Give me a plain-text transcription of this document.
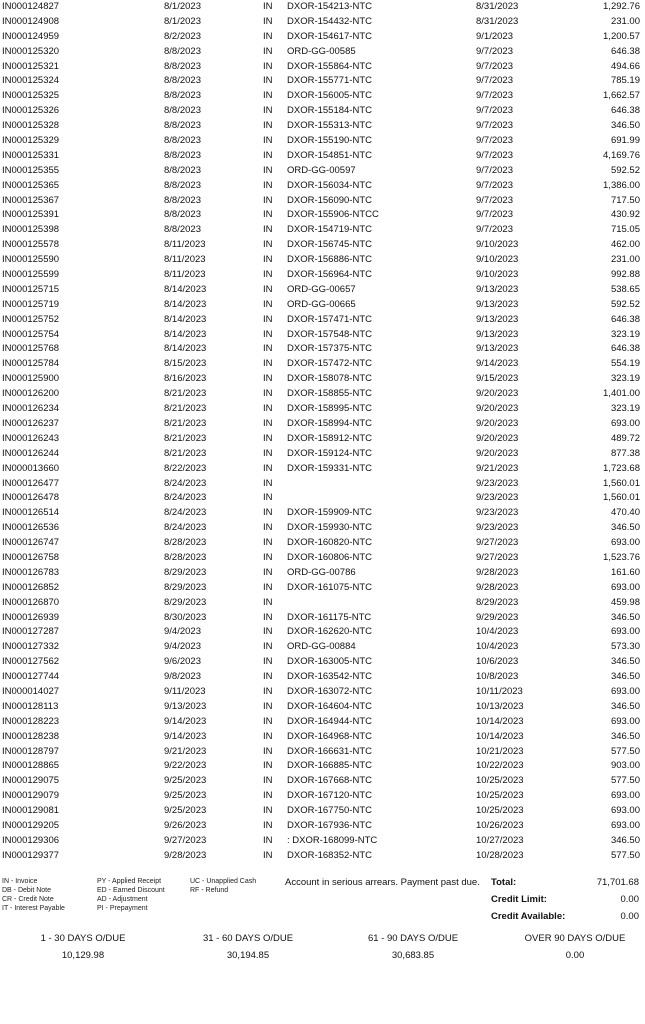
IN000124827	8/1/2023	IN DXOR-154213-NTC	8/31/2023	1,292.76
IN000124908	8/1/2023	IN DXOR-154432-NTC	8/31/2023	231.00
IN000124959	8/2/2023	IN DXOR-154617-NTC	9/1/2023	1,200.57
IN000125320	8/8/2023	IN ORD-GG-00585	9/7/2023	646.38
IN000125321	8/8/2023	IN DXOR-155864-NTC	9/7/2023	494.66
IN000125324	8/8/2023	IN DXOR-155771-NTC	9/7/2023	785.19
IN000125325	8/8/2023	IN DXOR-156005-NTC	9/7/2023	1,662.57
IN000125326	8/8/2023	IN DXOR-155184-NTC	9/7/2023	646.38
IN000125328	8/8/2023	IN DXOR-155313-NTC	9/7/2023	346.50
IN000125329	8/8/2023	IN DXOR-155190-NTC	9/7/2023	691.99
IN000125331	8/8/2023	IN DXOR-154851-NTC	9/7/2023	4,169.76
IN000125355	8/8/2023	IN ORD-GG-00597	9/7/2023	592.52
IN000125365	8/8/2023	IN DXOR-156034-NTC	9/7/2023	1,386.00
IN000125367	8/8/2023	IN DXOR-156090-NTC	9/7/2023	717.50
IN000125391	8/8/2023	IN DXOR-155906-NTCC	9/7/2023	430.92
IN000125398	8/8/2023	IN DXOR-154719-NTC	9/7/2023	715.05
IN000125578	8/11/2023	IN DXOR-156745-NTC	9/10/2023	462.00
IN000125590	8/11/2023	IN DXOR-156886-NTC	9/10/2023	231.00
IN000125599	8/11/2023	IN DXOR-156964-NTC	9/10/2023	992.88
IN000125715	8/14/2023	IN ORD-GG-00657	9/13/2023	538.65
IN000125719	8/14/2023	IN ORD-GG-00665	9/13/2023	592.52
IN000125752	8/14/2023	IN DXOR-157471-NTC	9/13/2023	646.38
IN000125754	8/14/2023	IN DXOR-157548-NTC	9/13/2023	323.19
IN000125768	8/14/2023	IN DXOR-157375-NTC	9/13/2023	646.38
IN000125784	8/15/2023	IN DXOR-157472-NTC	9/14/2023	554.19
IN000125900	8/16/2023	IN DXOR-158078-NTC	9/15/2023	323.19
IN000126200	8/21/2023	IN DXOR-158855-NTC	9/20/2023	1,401.00
IN000126234	8/21/2023	IN DXOR-158995-NTC	9/20/2023	323.19
IN000126237	8/21/2023	IN DXOR-158994-NTC	9/20/2023	693.00
IN000126243	8/21/2023	IN DXOR-158912-NTC	9/20/2023	489.72
IN000126244	8/21/2023	IN DXOR-159124-NTC	9/20/2023	877.38
IN000013660	8/22/2023	IN DXOR-159331-NTC	9/21/2023	1,723.68
IN000126477	8/24/2023	IN	9/23/2023	1,560.01
IN000126478	8/24/2023	IN	9/23/2023	1,560.01
IN000126514	8/24/2023	IN DXOR-159909-NTC	9/23/2023	470.40
IN000126536	8/24/2023	IN DXOR-159930-NTC	9/23/2023	346.50
IN000126747	8/28/2023	IN DXOR-160820-NTC	9/27/2023	693.00
IN000126758	8/28/2023	IN DXOR-160806-NTC	9/27/2023	1,523.76
IN000126783	8/29/2023	IN ORD-GG-00786	9/28/2023	161.60
IN000126852	8/29/2023	IN DXOR-161075-NTC	9/28/2023	693.00
IN000126870	8/29/2023	IN	8/29/2023	459.98
IN000126939	8/30/2023	IN DXOR-161175-NTC	9/29/2023	346.50
IN000127287	9/4/2023	IN DXOR-162620-NTC	10/4/2023	693.00
IN000127332	9/4/2023	IN ORD-GG-00884	10/4/2023	573.30
IN000127562	9/6/2023	IN DXOR-163005-NTC	10/6/2023	346.50
IN000127744	9/8/2023	IN DXOR-163542-NTC	10/8/2023	346.50
IN000014027	9/11/2023	IN DXOR-163072-NTC	10/11/2023	693.00
IN000128113	9/13/2023	IN DXOR-164604-NTC	10/13/2023	346.50
IN000128223	9/14/2023	IN DXOR-164944-NTC	10/14/2023	693.00
IN000128238	9/14/2023	IN DXOR-164968-NTC	10/14/2023	346.50
IN000128797	9/21/2023	IN DXOR-166631-NTC	10/21/2023	577.50
IN000128865	9/22/2023	IN DXOR-166885-NTC	10/22/2023	903.00
IN000129075	9/25/2023	IN DXOR-167668-NTC	10/25/2023	577.50
IN000129079	9/25/2023	IN DXOR-167120-NTC	10/25/2023	693.00
IN000129081	9/25/2023	IN DXOR-167750-NTC	10/25/2023	693.00
IN000129205	9/26/2023	IN DXOR-167936-NTC	10/26/2023	693.00
IN000129306	9/27/2023	IN : DXOR-168099-NTC	10/27/2023	346.50
IN000129377	9/28/2023	IN DXOR-168352-NTC	10/28/2023	577.50
IN - Invoice
DB - Debit Note
CR - Credit Note
IT - Interest Payable
PY - Applied Receipt
ED - Earned Discount
AD - Adjustment
PI - Prepayment
UC - Unapplied Cash
RF - Refund
Account in serious arrears. Payment past due. Total:	71,701.68
Credit Limit:	0.00
Credit Available:	0.00
1 - 30 DAYS O/DUE
10,129.98
31 - 60 DAYS O/DUE
30,194.85
61 - 90 DAYS O/DUE
30,683.85
OVER 90 DAYS O/DUE
0.00
